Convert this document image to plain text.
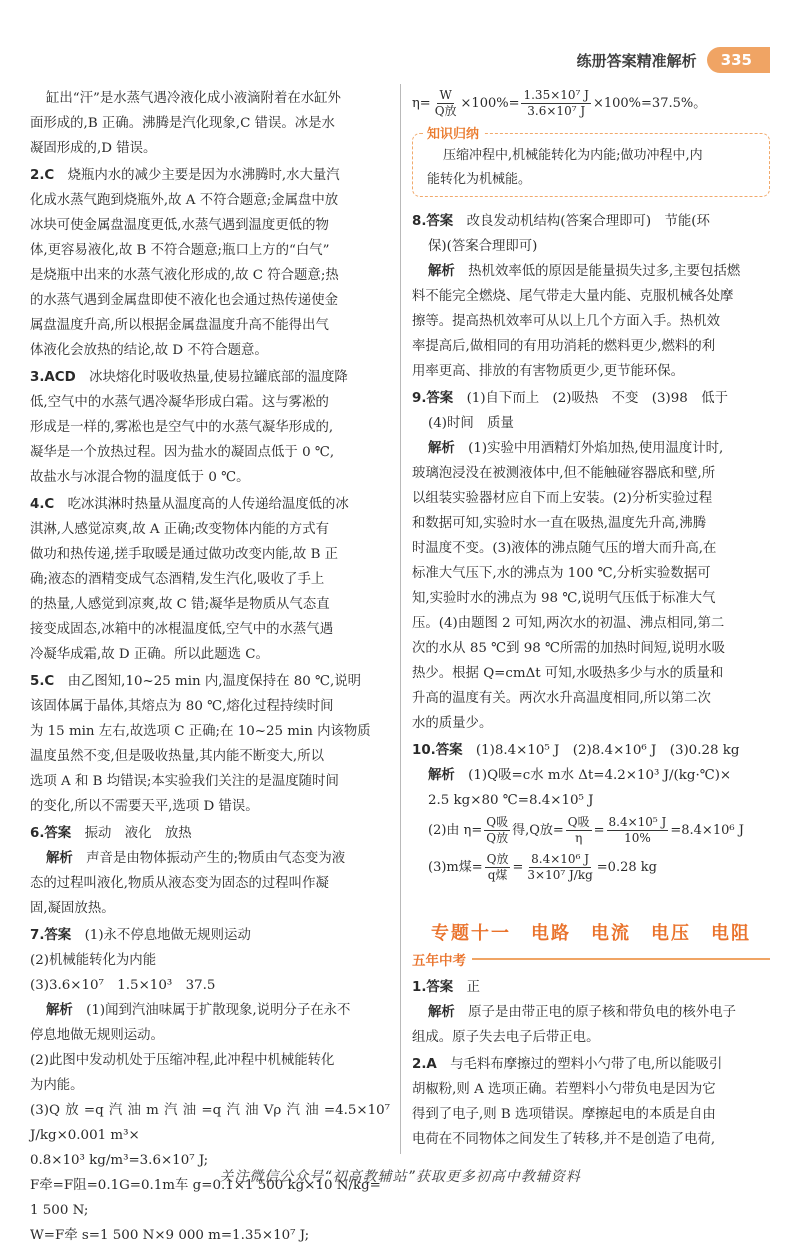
练册答案精准解析	335

缸出“汗”是水蒸气遇冷液化成小液滴附着在水缸外

面形成的,B 正确。沸腾是汽化现象,C 错误。冰是水

凝固形成的,D 错误。

2.C　 烧瓶内水的减少主要是因为水沸腾时,水大量汽

化成水蒸气跑到烧瓶外,故 A 不符合题意;金属盘中放

冰块可使金属盘温度更低,水蒸气遇到温度更低的物

体,更容易液化,故 B 不符合题意;瓶口上方的“白气”

是烧瓶中出来的水蒸气液化形成的,故 C 符合题意;热

的水蒸气遇到金属盘即使不液化也会通过热传递使金

属盘温度升高,所以根据金属盘温度升高不能得出气

体液化会放热的结论,故 D 不符合题意。

3.ACD　 冰块熔化时吸收热量,使易拉罐底部的温度降

低,空气中的水蒸气遇冷凝华形成白霜。这与雾凇的

形成是一样的,雾凇也是空气中的水蒸气凝华形成的,

凝华是一个放热过程。因为盐水的凝固点低于 0 ℃,

故盐水与冰混合物的温度低于 0 ℃。

4.C　 吃冰淇淋时热量从温度高的人传递给温度低的冰

淇淋,人感觉凉爽,故 A 正确;改变物体内能的方式有

做功和热传递,搓手取暖是通过做功改变内能,故 B 正

确;液态的酒精变成气态酒精,发生汽化,吸收了手上

的热量,人感觉到凉爽,故 C 错;凝华是物质从气态直

接变成固态,冰箱中的冰棍温度低,空气中的水蒸气遇

冷凝华成霜,故 D 正确。所以此题选 C。

5.C　 由乙图知,10~25 min 内,温度保持在 80 ℃,说明

该固体属于晶体,其熔点为 80 ℃,熔化过程持续时间

为 15 min 左右,故选项 C 正确;在 10~25 min 内该物质

温度虽然不变,但是吸收热量,其内能不断变大,所以

选项 A 和 B 均错误;本实验我们关注的是温度随时间

的变化,所以不需要天平,选项 D 错误。

6.答案　 振动　液化　放热

解析　 声音是由物体振动产生的;物质由气态变为液

态的过程叫液化,物质从液态变为固态的过程叫作凝

固,凝固放热。

7.答案　 (1)永不停息地做无规则运动

(2)机械能转化为内能

(3)3.6×10⁷　1.5×10³　37.5

解析　 (1)闻到汽油味属于扩散现象,说明分子在永不

停息地做无规则运动。

(2)此图中发动机处于压缩冲程,此冲程中机械能转化

为内能。

(3)Q放=q汽油m汽油=q汽油Vρ汽油=4.5×10⁷ J/kg×0.001 m³×

0.8×10³ kg/m³=3.6×10⁷ J;

F牵=F阻=0.1G=0.1m车 g=0.1×1 500 kg×10 N/kg=

1 500 N;

W=F牵 s=1 500 N×9 000 m=1.35×10⁷ J;

$\eta= \frac{W}{\text{Q放}} \times 100\%= \frac{\text{1.35×10⁷ J}}{\text{3.6×10⁷ J}} \times 100\%=37.5\%$。
知识归纳

压缩冲程中,机械能转化为内能;做功冲程中,内

能转化为机械能。

8.答案　 改良发动机结构(答案合理即可)　节能(环

保)(答案合理即可)

解析　 热机效率低的原因是能量损失过多,主要包括燃

料不能完全燃烧、尾气带走大量内能、克服机械各处摩

擦等。提高热机效率可从以上几个方面入手。热机效

率提高后,做相同的有用功消耗的燃料更少,燃料的利

用率更高、排放的有害物质更少,更节能环保。

9.答案　 (1)自下而上　(2)吸热　不变　(3)98　低于

(4)时间　质量

解析　 (1)实验中用酒精灯外焰加热,使用温度计时,

玻璃泡浸没在被测液体中,但不能触碰容器底和壁,所

以组装实验器材应自下而上安装。(2)分析实验过程

和数据可知,实验时水一直在吸热,温度先升高,沸腾

时温度不变。(3)液体的沸点随气压的增大而升高,在

标准大气压下,水的沸点为 100 ℃,分析实验数据可

知,实验时水的沸点为 98 ℃,说明气压低于标准大气

压。(4)由题图 2 可知,两次水的初温、沸点相同,第二

次的水从 85 ℃到 98 ℃所需的加热时间短,说明水吸

热少。根据 Q=cmΔt 可知,水吸热多少与水的质量和

升高的温度有关。两次水升高温度相同,所以第二次

水的质量少。

10.答案　 (1)8.4×10⁵ J　(2)8.4×10⁶ J　(3)0.28 kg

解析　 (1)Q吸=c水 m水 Δt=4.2×10³ J/(kg·℃)×

2.5 kg×80 ℃=8.4×10⁵ J

(2)由 $\eta= \frac{\text{Q吸}}{\text{Q放}}$ 得,Q放= $\frac{\text{Q吸}}{\eta} = \frac{\text{8.4×10⁵ J}}{10\%} =8.4\times 10^6$ J
(3)m煤= $\frac{\text{Q放}}{\text{q煤}} = \frac{\text{8.4×10⁶ J}}{\text{3×10⁷ J/kg}} =0.28$ kg
专题十一　电路　电流　电压　电阻
五年中考

1.答案　 正

解析　 原子是由带正电的原子核和带负电的核外电子

组成。原子失去电子后带正电。

2.A　 与毛料布摩擦过的塑料小勺带了电,所以能吸引

胡椒粉,则 A 选项正确。若塑料小勺带负电是因为它

得到了电子,则 B 选项错误。摩擦起电的本质是自由

电荷在不同物体之间发生了转移,并不是创造了电荷,

关注微信公众号“初高教辅站”获取更多初高中教辅资料
